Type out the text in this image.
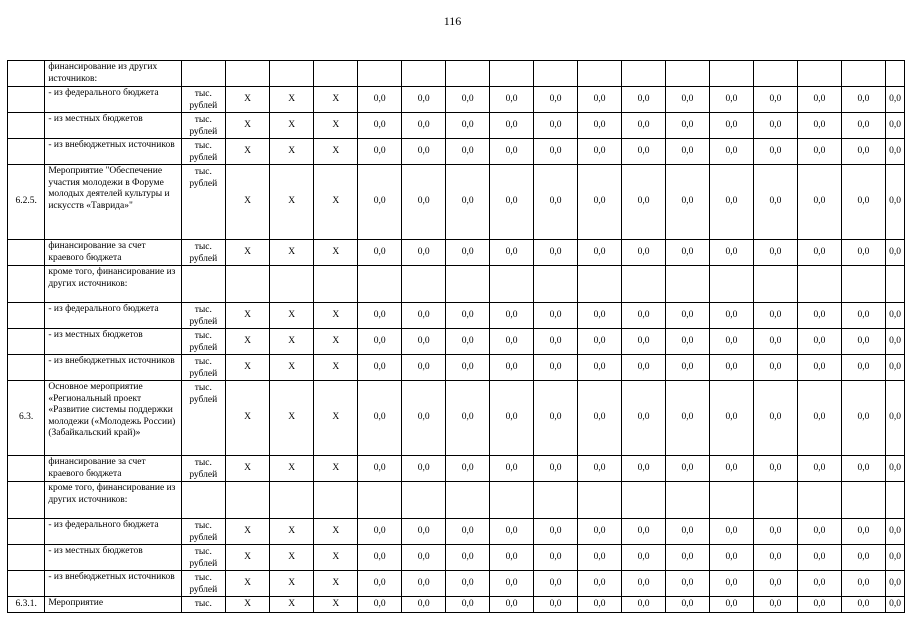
116
	финансирование из других источников:																	
	- из федерального бюджета	тыс. рублей	X	X	X	0,0	0,0	0,0	0,0	0,0	0,0	0,0	0,0	0,0	0,0	0,0	0,0	0,0
	- из местных бюджетов	тыс. рублей	X	X	X	0,0	0,0	0,0	0,0	0,0	0,0	0,0	0,0	0,0	0,0	0,0	0,0	0,0
	- из внебюджетных источников	тыс. рублей	X	X	X	0,0	0,0	0,0	0,0	0,0	0,0	0,0	0,0	0,0	0,0	0,0	0,0	0,0
6.2.5.	Мероприятие "Обеспечение участия молодежи в Форуме молодых деятелей культуры и искусств «Таврида»"	тыс. рублей	X	X	X	0,0	0,0	0,0	0,0	0,0	0,0	0,0	0,0	0,0	0,0	0,0	0,0	0,0
	финансирование за счет краевого бюджета	тыс. рублей	X	X	X	0,0	0,0	0,0	0,0	0,0	0,0	0,0	0,0	0,0	0,0	0,0	0,0	0,0
	кроме того, финансирование из других источников:																	
	- из федерального бюджета	тыс. рублей	X	X	X	0,0	0,0	0,0	0,0	0,0	0,0	0,0	0,0	0,0	0,0	0,0	0,0	0,0
	- из местных бюджетов	тыс. рублей	X	X	X	0,0	0,0	0,0	0,0	0,0	0,0	0,0	0,0	0,0	0,0	0,0	0,0	0,0
	- из внебюджетных источников	тыс. рублей	X	X	X	0,0	0,0	0,0	0,0	0,0	0,0	0,0	0,0	0,0	0,0	0,0	0,0	0,0
6.3.	Основное мероприятие «Региональный проект «Развитие системы поддержки молодежи («Молодежь России) (Забайкальский край)»	тыс. рублей	X	X	X	0,0	0,0	0,0	0,0	0,0	0,0	0,0	0,0	0,0	0,0	0,0	0,0	0,0
	финансирование за счет краевого бюджета	тыс. рублей	X	X	X	0,0	0,0	0,0	0,0	0,0	0,0	0,0	0,0	0,0	0,0	0,0	0,0	0,0
	кроме того, финансирование из других источников:																	
	- из федерального бюджета	тыс. рублей	X	X	X	0,0	0,0	0,0	0,0	0,0	0,0	0,0	0,0	0,0	0,0	0,0	0,0	0,0
	- из местных бюджетов	тыс. рублей	X	X	X	0,0	0,0	0,0	0,0	0,0	0,0	0,0	0,0	0,0	0,0	0,0	0,0	0,0
	- из внебюджетных источников	тыс. рублей	X	X	X	0,0	0,0	0,0	0,0	0,0	0,0	0,0	0,0	0,0	0,0	0,0	0,0	0,0
6.3.1.	Мероприятие	тыс.	X	X	X	0,0	0,0	0,0	0,0	0,0	0,0	0,0	0,0	0,0	0,0	0,0	0,0	0,0
